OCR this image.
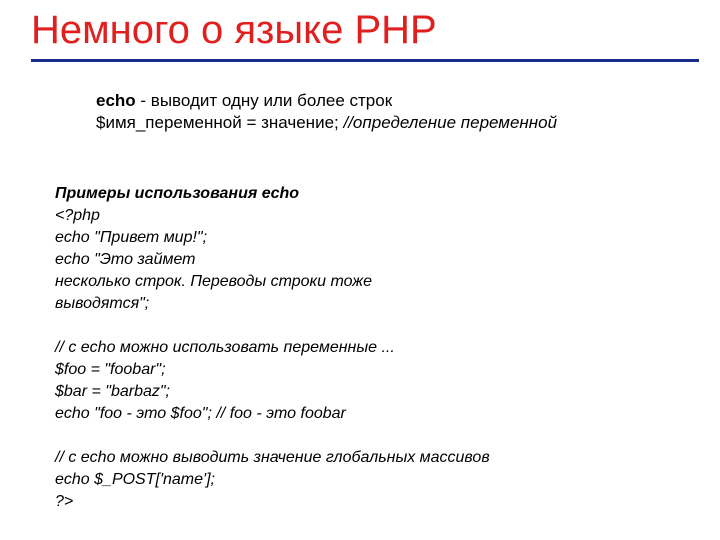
Немного о языке PHP
echo - выводит одну или более строк
$имя_переменной = значение; //определение переменной
Примеры использования echo
<?php
echo "Привет мир!";
echo "Это займет
несколько строк. Переводы строки тоже
выводятся";
// с echo можно использовать переменные ...
$foo = "foobar";
$bar = "barbaz";
echo "foo - это $foo"; // foo - это foobar
// с echo можно выводить значение глобальных массивов
echo $_POST['name'];
?>
